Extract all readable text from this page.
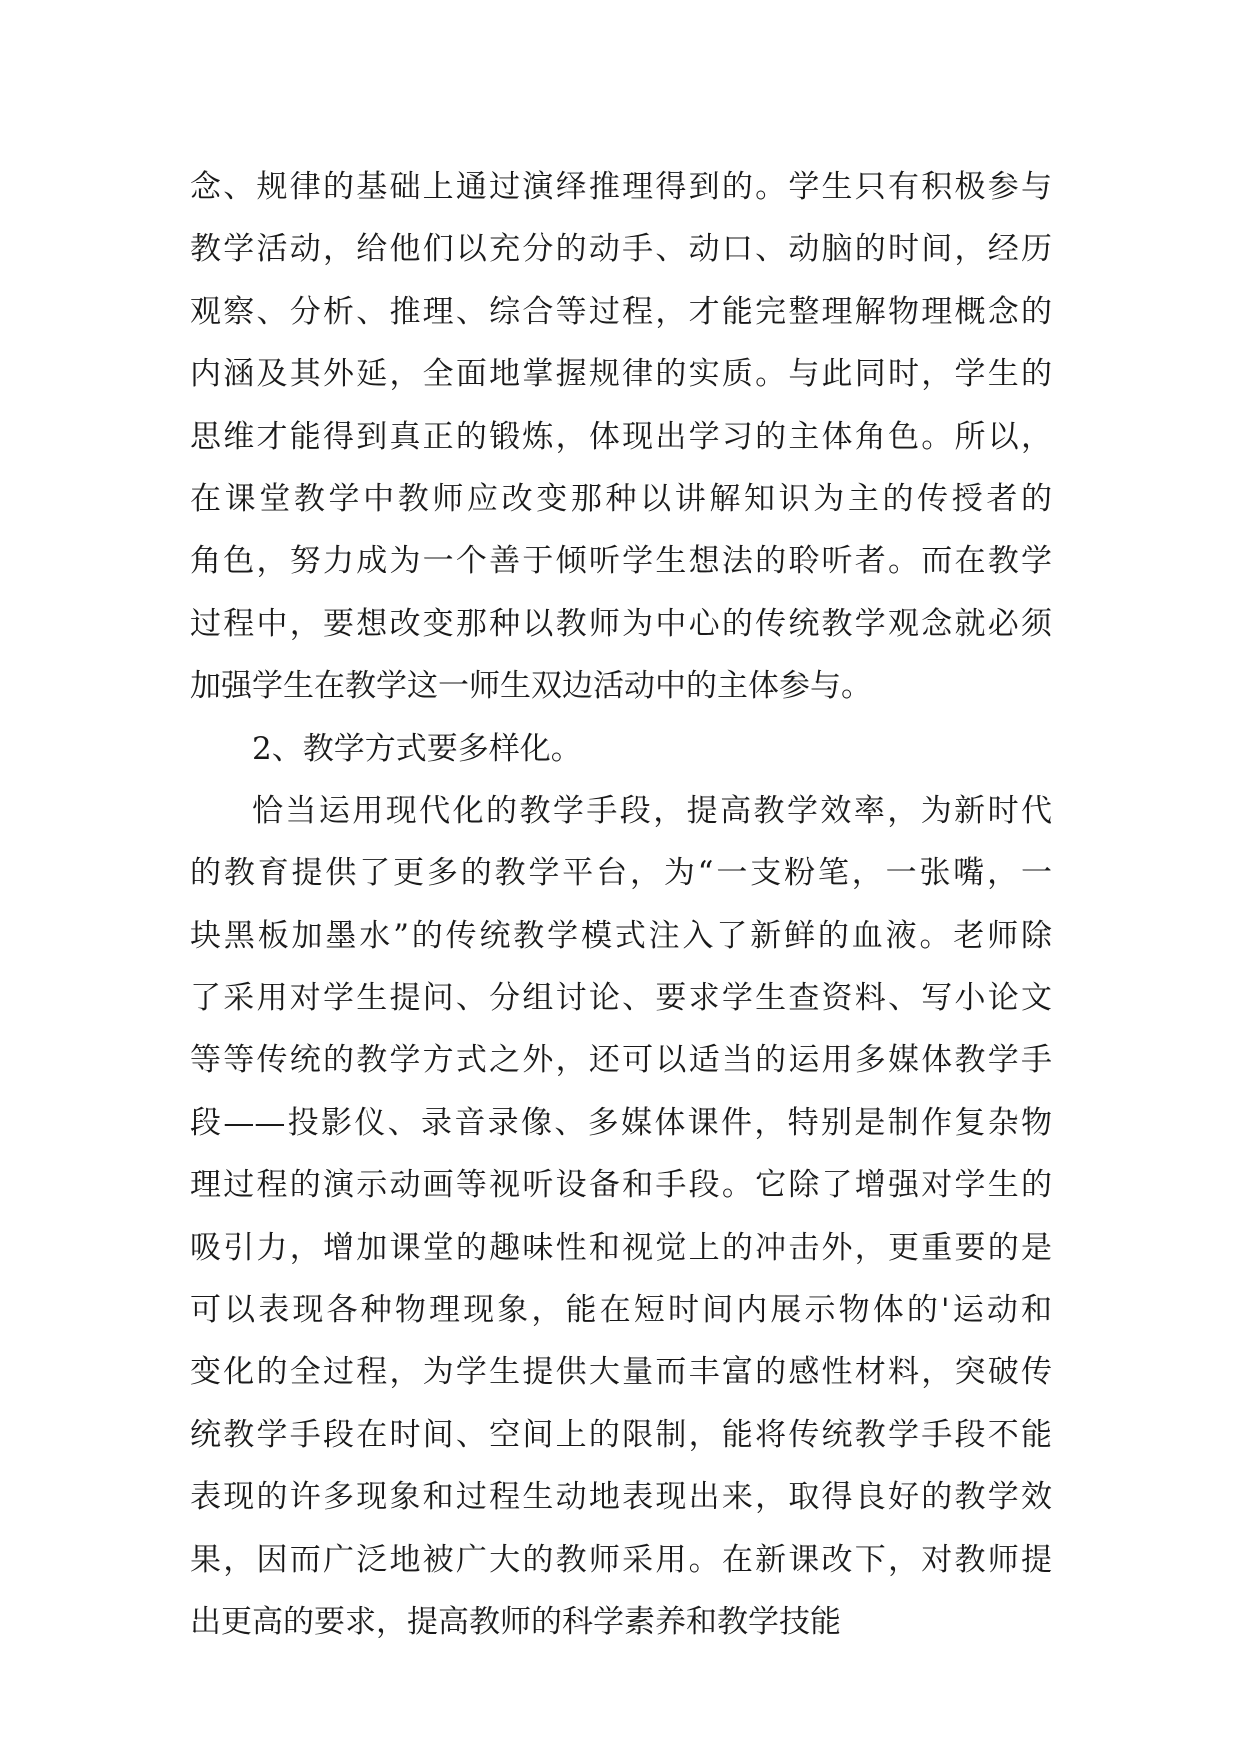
念、规律的基础上通过演绎推理得到的。学生只有积极参与
教学活动，给他们以充分的动手、动口、动脑的时间，经历
观察、分析、推理、综合等过程，才能完整理解物理概念的
内涵及其外延，全面地掌握规律的实质。与此同时，学生的
思维才能得到真正的锻炼，体现出学习的主体角色。所以，
在课堂教学中教师应改变那种以讲解知识为主的传授者的
角色，努力成为一个善于倾听学生想法的聆听者。而在教学
过程中，要想改变那种以教师为中心的传统教学观念就必须
加强学生在教学这一师生双边活动中的主体参与。
2、教学方式要多样化。
恰当运用现代化的教学手段，提高教学效率，为新时代
的教育提供了更多的教学平台，为“一支粉笔，一张嘴，一
块黑板加墨水”的传统教学模式注入了新鲜的血液。老师除
了采用对学生提问、分组讨论、要求学生查资料、写小论文
等等传统的教学方式之外，还可以适当的运用多媒体教学手
段——投影仪、录音录像、多媒体课件，特别是制作复杂物
理过程的演示动画等视听设备和手段。它除了增强对学生的
吸引力，增加课堂的趣味性和视觉上的冲击外，更重要的是
可以表现各种物理现象，能在短时间内展示物体的'运动和
变化的全过程，为学生提供大量而丰富的感性材料，突破传
统教学手段在时间、空间上的限制，能将传统教学手段不能
表现的许多现象和过程生动地表现出来，取得良好的教学效
果，因而广泛地被广大的教师采用。在新课改下，对教师提
出更高的要求，提高教师的科学素养和教学技能
